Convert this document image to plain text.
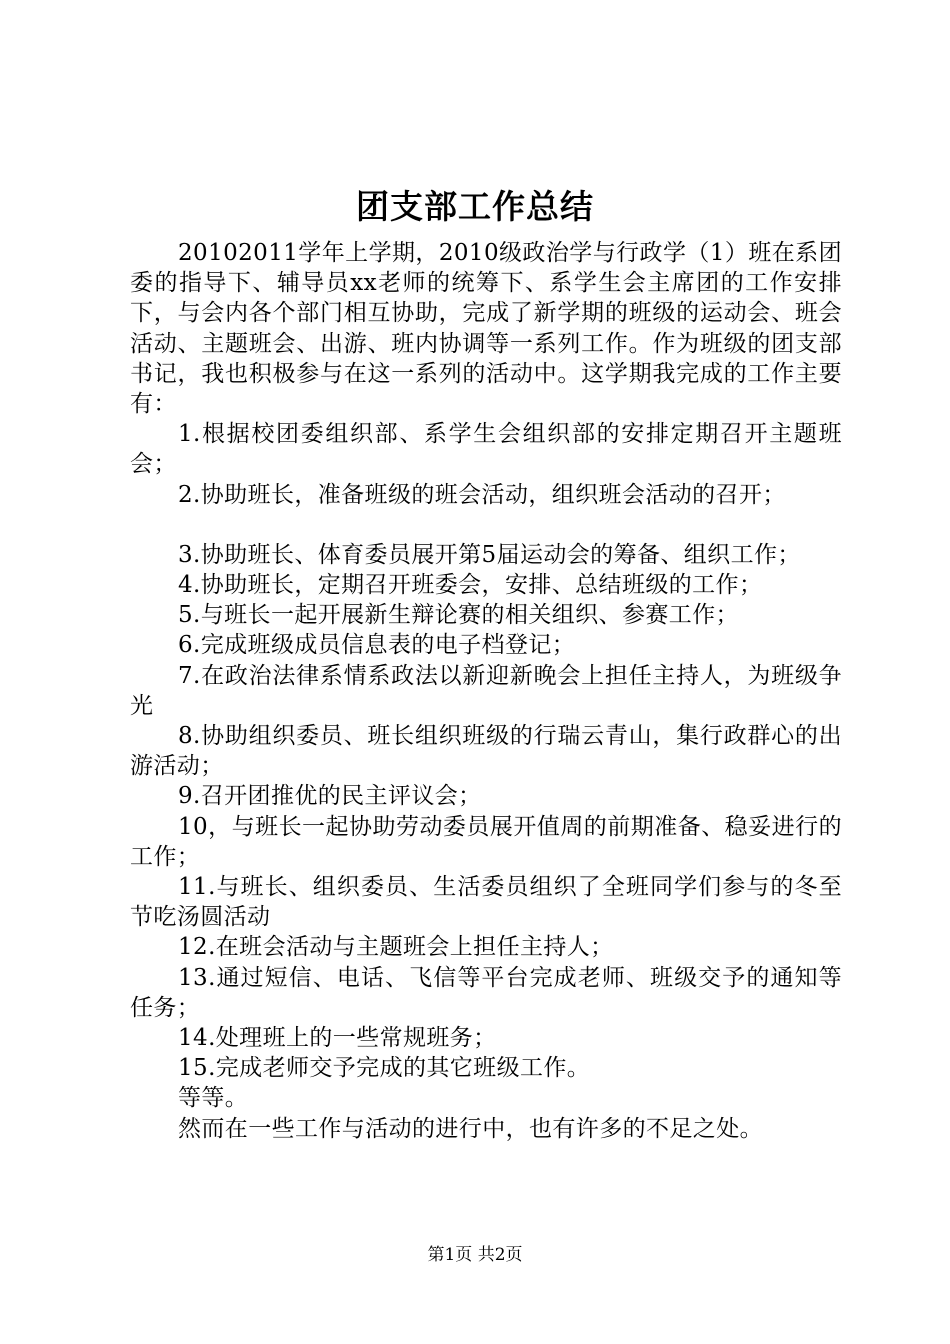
团支部工作总结

20102011学年上学期，2010级政治学与行政学（1）班在系团委的指导下、辅导员xx老师的统筹下、系学生会主席团的工作安排下，与会内各个部门相互协助，完成了新学期的班级的运动会、班会活动、主题班会、出游、班内协调等一系列工作。作为班级的团支部书记，我也积极参与在这一系列的活动中。这学期我完成的工作主要有：

1.根据校团委组织部、系学生会组织部的安排定期召开主题班会；

2.协助班长，准备班级的班会活动，组织班会活动的召开；

3.协助班长、体育委员展开第5届运动会的筹备、组织工作；

4.协助班长，定期召开班委会，安排、总结班级的工作；

5.与班长一起开展新生辩论赛的相关组织、参赛工作；

6.完成班级成员信息表的电子档登记；

7.在政治法律系情系政法以新迎新晚会上担任主持人，为班级争光

8.协助组织委员、班长组织班级的行瑞云青山，集行政群心的出游活动；

9.召开团推优的民主评议会；

10，与班长一起协助劳动委员展开值周的前期准备、稳妥进行的工作；

11.与班长、组织委员、生活委员组织了全班同学们参与的冬至节吃汤圆活动

12.在班会活动与主题班会上担任主持人；

13.通过短信、电话、飞信等平台完成老师、班级交予的通知等任务；

14.处理班上的一些常规班务；

15.完成老师交予完成的其它班级工作。

等等。

然而在一些工作与活动的进行中，也有许多的不足之处。

第1页 共2页
